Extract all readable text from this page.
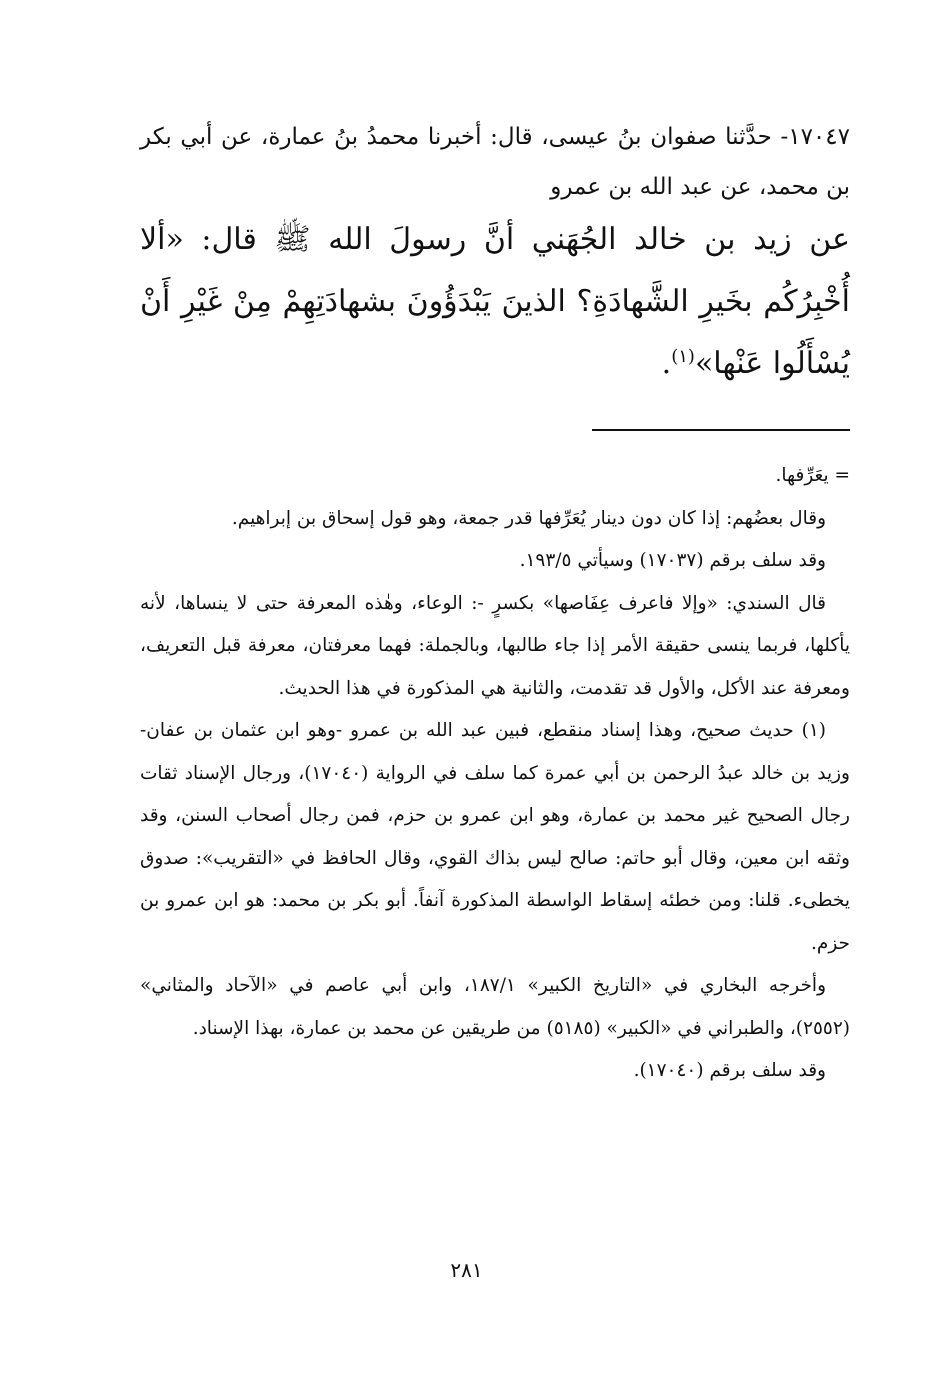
١٧٠٤٧- حدَّثنا صفوان بنُ عيسى، قال: أخبرنا محمدُ بنُ عمارة، عن أبي بكر بن محمد، عن عبد الله بن عمرو
عن زيد بن خالد الجُهَني أنَّ رسولَ الله ﷺ قال: «ألا أُخْبِرُكُم بخَيرِ الشَّهادَةِ؟ الذينَ يَبْدَؤُونَ بشهادَتِهِمْ مِنْ غَيْرِ أَنْ يُسْأَلُوا عَنْها»$^{(١)}$.

= يعَرِّفها.

وقال بعضُهم: إذا كان دون دينار يُعَرِّفها قدر جمعة، وهو قول إسحاق بن إبراهيم.

وقد سلف برقم (١٧٠٣٧) وسيأتي ١٩٣/٥.

قال السندي: «وإلا فاعرف عِفَاصها» بكسرٍ -: الوعاء، وهٰذه المعرفة حتى لا ينساها، لأنه يأكلها، فربما ينسى حقيقة الأمر إذا جاء طالبها، وبالجملة: فهما معرفتان، معرفة قبل التعريف، ومعرفة عند الأكل، والأول قد تقدمت، والثانية هي المذكورة في هذا الحديث.

(١) حديث صحيح، وهذا إسناد منقطع، فبين عبد الله بن عمرو -وهو ابن عثمان بن عفان- وزيد بن خالد عبدُ الرحمن بن أبي عمرة كما سلف في الرواية (١٧٠٤٠)، ورجال الإسناد ثقات رجال الصحيح غير محمد بن عمارة، وهو ابن عمرو بن حزم، فمن رجال أصحاب السنن، وقد وثقه ابن معين، وقال أبو حاتم: صالح ليس بذاك القوي، وقال الحافظ في «التقريب»: صدوق يخطىء. قلنا: ومن خطئه إسقاط الواسطة المذكورة آنفاً. أبو بكر بن محمد: هو ابن عمرو بن حزم.

وأخرجه البخاري في «التاريخ الكبير» ١٨٧/١، وابن أبي عاصم في «الآحاد والمثاني» (٢٥٥٢)، والطبراني في «الكبير» (٥١٨٥) من طريقين عن محمد بن عمارة، بهذا الإسناد.

وقد سلف برقم (١٧٠٤٠).

٢٨١
